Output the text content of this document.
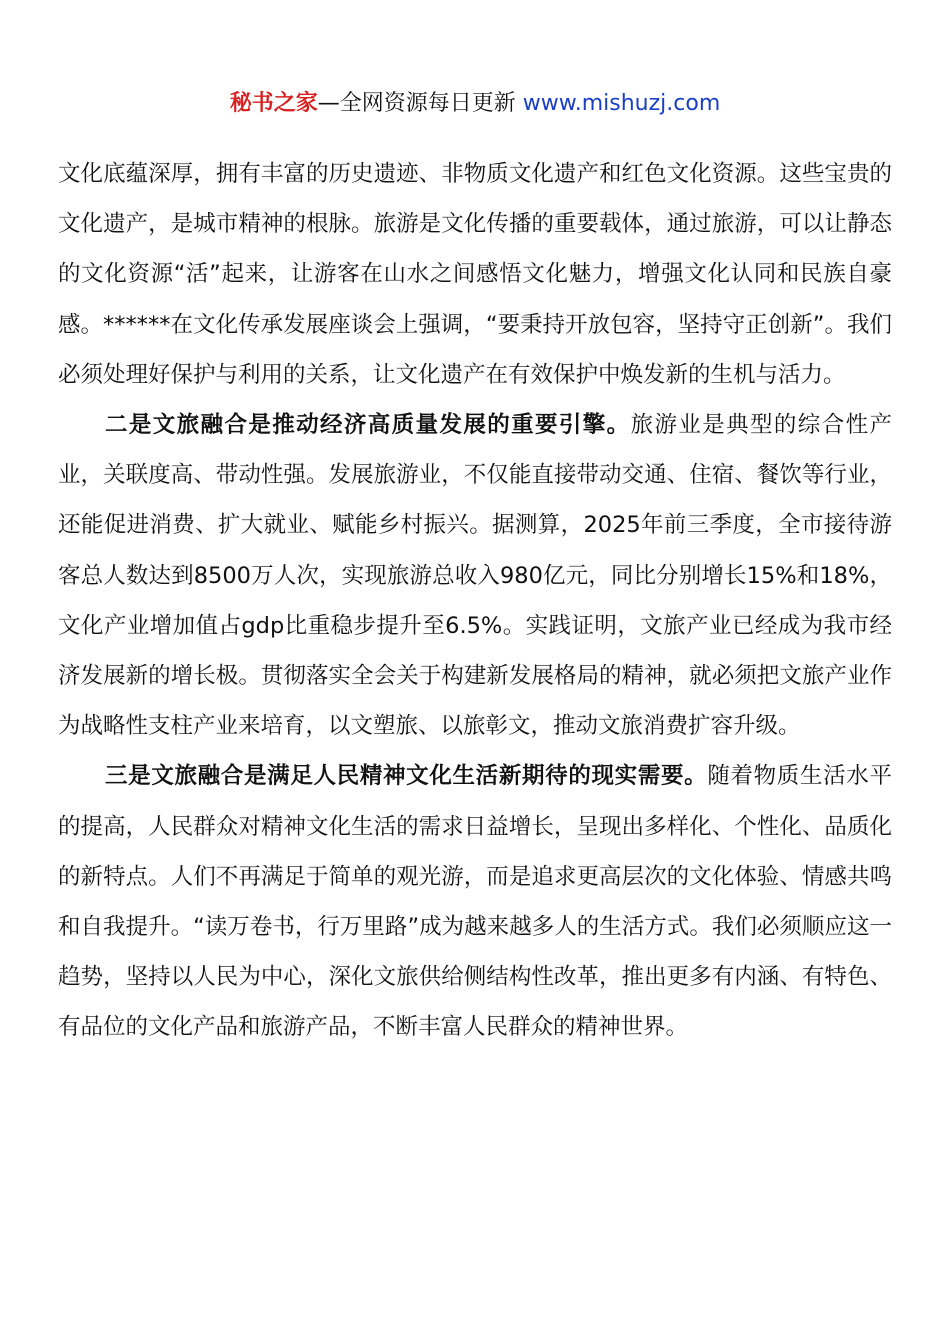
秘书之家—全网资源每日更新 www.mishuzj.com

文化底蕴深厚，拥有丰富的历史遗迹、非物质文化遗产和红色文化资源。这些宝贵的文化遗产，是城市精神的根脉。旅游是文化传播的重要载体，通过旅游，可以让静态的文化资源“活”起来，让游客在山水之间感悟文化魅力，增强文化认同和民族自豪感。******在文化传承发展座谈会上强调，“要秉持开放包容，坚持守正创新”。我们必须处理好保护与利用的关系，让文化遗产在有效保护中焕发新的生机与活力。

二是文旅融合是推动经济高质量发展的重要引擎。旅游业是典型的综合性产业，关联度高、带动性强。发展旅游业，不仅能直接带动交通、住宿、餐饮等行业，还能促进消费、扩大就业、赋能乡村振兴。据测算，2025年前三季度，全市接待游客总人数达到8500万人次，实现旅游总收入980亿元，同比分别增长15%和18%，文化产业增加值占gdp比重稳步提升至6.5%。实践证明，文旅产业已经成为我市经济发展新的增长极。贯彻落实全会关于构建新发展格局的精神，就必须把文旅产业作为战略性支柱产业来培育，以文塑旅、以旅彰文，推动文旅消费扩容升级。

三是文旅融合是满足人民精神文化生活新期待的现实需要。随着物质生活水平的提高，人民群众对精神文化生活的需求日益增长，呈现出多样化、个性化、品质化的新特点。人们不再满足于简单的观光游，而是追求更高层次的文化体验、情感共鸣和自我提升。“读万卷书，行万里路”成为越来越多人的生活方式。我们必须顺应这一趋势，坚持以人民为中心，深化文旅供给侧结构性改革，推出更多有内涵、有特色、有品位的文化产品和旅游产品，不断丰富人民群众的精神世界。
